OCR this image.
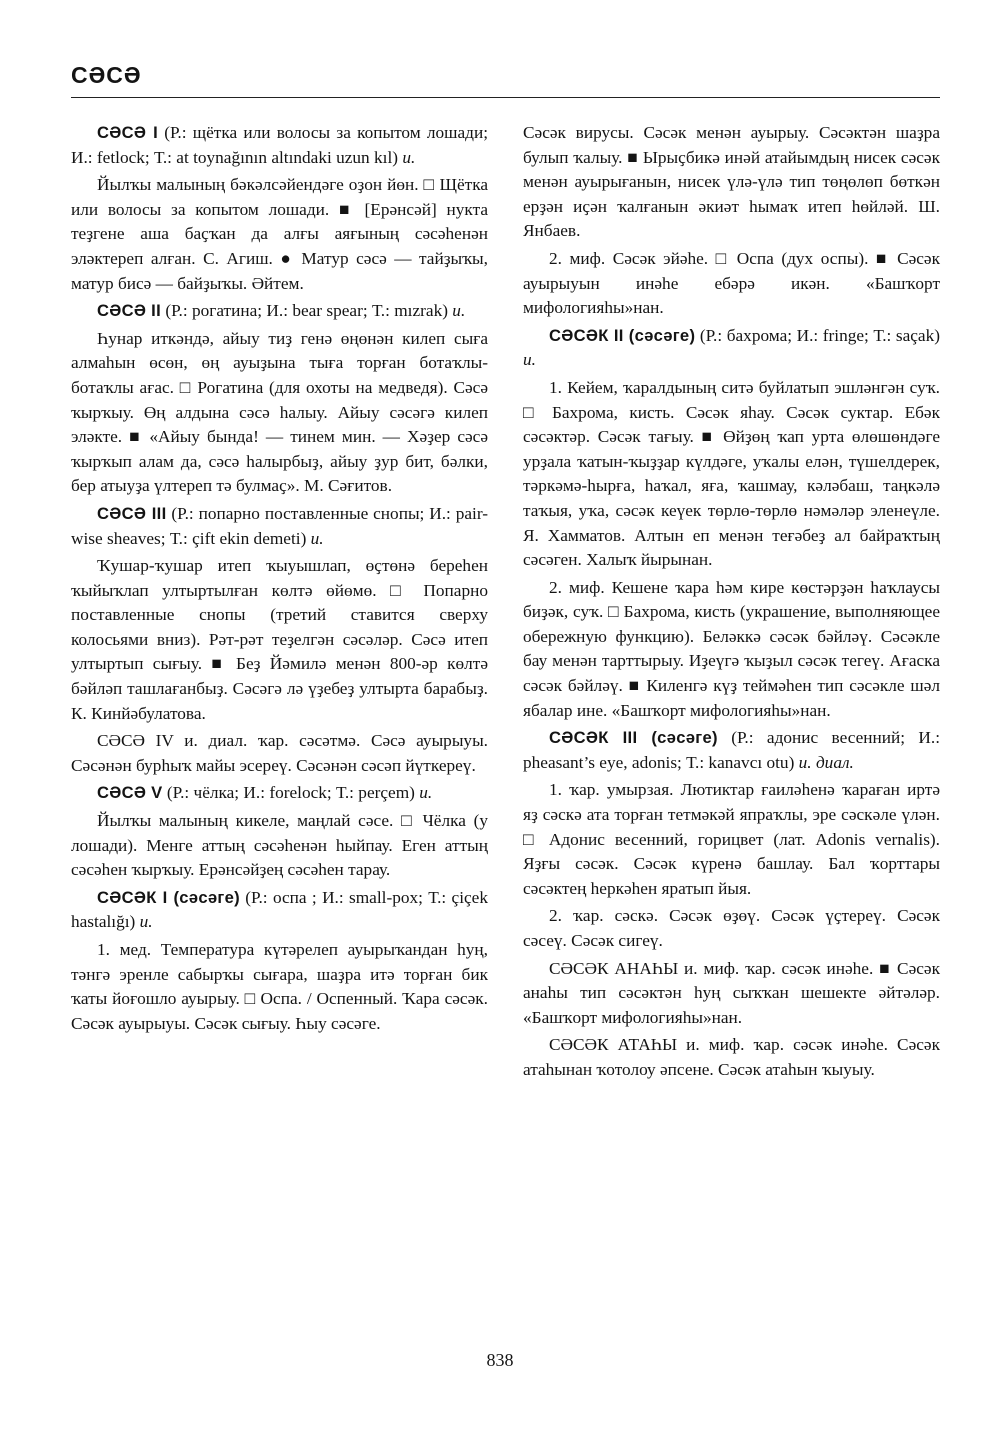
СӘСӘ

СӘСӘ I (Р.: щётка или волосы за копытом лошади; И.: fetlock; Т.: at toynağının altındaki uzun kıl) и.

Йылҡы малының бәкәлсәйендәге оҙон йөн. □ Щётка или волосы за копытом лошади. ■ [Ерәнсәй] нукта теҙгене аша баҫҡан да алғы аяғының сәсәһенән эләктереп алған. С. Агиш. ● Матур сәсә — тайҙыҡы, матур бисә — байҙыҡы. Әйтем.

СӘСӘ II (Р.: рогатина; И.: bear spear; Т.: mızrak) и.

Һунар иткәндә, айыу тиҙ генә өңөнән килеп сыға алмаһын өсөн, өң ауыҙына тыға торған ботаҡлы-ботаҡлы ағас. □ Рогатина (для охоты на медведя). Сәсә ҡырҡыу. Өң алдына сәсә һалыу. Айыу сәсәгә килеп эләкте. ■ «Айыу бында! — тинем мин. — Хәҙер сәсә ҡырҡып алам да, сәсә һалырбыҙ, айыу ҙур бит, бәлки, бер атыуҙа үлтереп тә булмаҫ». М. Сәғитов.

СӘСӘ III (Р.: попарно поставленные снопы; И.: pair-wise sheaves; Т.: çift ekin demeti) и.

Ҡушар-ҡушар итеп ҡыуышлап, өҫтөнә береһен ҡыйыҡлап ултыртылған көлтә өйөмө. □ Попарно поставленные снопы (третий ставится сверху колосьями вниз). Рәт-рәт теҙелгән сәсәләр. Сәсә итеп ултыртып сығыу. ■ Беҙ Йәмилә менән 800-әр көлтә бәйләп ташлағанбыҙ. Сәсәгә лә үҙебеҙ ултырта барабыҙ. К. Кинйәбулатова.

СӘСӘ IV и. диал. ҡар. сәсәтмә. Сәсә ауырыуы. Сәсәнән бурһыҡ майы эсереү. Сәсәнән сәсәп йүткереү.

СӘСӘ V (Р.: чёлка; И.: forelock; Т.: perçem) и.

Йылҡы малының кикеле, маңлай сәсе. □ Чёлка (у лошади). Менге аттың сәсәһенән һыйпау. Еген аттың сәсәһен ҡырҡыу. Ерәнсәйҙең сәсәһен тарау.

СӘСӘК I (сәсәге) (Р.: оспа ; И.: small-pox; Т.: çiçek hastalığı) и.

1. мед. Температура күтәрелеп ауырыҡандан һуң, тәнгә эренле сабырҡы сығара, шаҙра итә торған бик ҡаты йоғошло ауырыу. □ Оспа. / Оспенный. Ҡара сәсәк. Сәсәк ауырыуы. Сәсәк сығыу. Һыу сәсәге.

Сәсәк вирусы. Сәсәк менән ауырыу. Сәсәктән шаҙра булып ҡалыу. ■ Ырыҫбикә инәй атайымдың нисек сәсәк менән ауырығанын, нисек үлә-үлә тип төңөлөп бөткән ерҙән иҫән ҡалғанын әкиәт һымаҡ итеп һөйләй. Ш. Янбаев.

2. миф. Сәсәк эйәһе. □ Оспа (дух оспы). ■ Сәсәк ауырыуын инәһе ебәрә икән. «Башҡорт мифологияһы»нан.

СӘСӘК II (сәсәге) (Р.: бахрома; И.: fringe; Т.: saçak) и.

1. Кейем, ҡаралдының ситә буйлатып эшләнгән суҡ. □ Бахрома, кисть. Сәсәк яһау. Сәсәк суктар. Ебәк сәсәктәр. Сәсәк тағыу. ■ Өйҙөң ҡап урта өлөшөндәге урҙала ҡатын-ҡыҙҙар күлдәге, уҡалы елән, түшелдерек, тәркәмә-һырға, һаҡал, яға, ҡашмау, кәләбаш, таңкәлә таҡыя, уҡа, сәсәк кеүек төрлө-төрлө нәмәләр эленеүле. Я. Хамматов. Алтын еп менән теғәбеҙ ал байраҡтың сәсәген. Халыҡ йырынан.

2. миф. Кешене ҡара һәм кире көстәрҙән һаҡлаусы биҙәк, суҡ. □ Бахрома, кисть (украшение, выполняющее обережную функцию). Беләккә сәсәк бәйләү. Сәсәкле бау менән тарттырыу. Иҙеүгә ҡыҙыл сәсәк тегеү. Ағаска сәсәк бәйләү. ■ Киленгә күҙ теймәһен тип сәсәкле шәл ябалар ине. «Башҡорт мифологияһы»нан.

СӘСӘК III (сәсәге) (Р.: адонис весенний; И.: pheasant’s eye, adonis; Т.: kanavcı otu) и. диал.

1. ҡар. умырзая. Лютиктар ғаиләһенә ҡараған иртә яҙ сәскә ата торған тетмәкәй япраҡлы, эре сәскәле үлән. □ Адонис весенний, горицвет (лат. Adonis vernalis). Яҙғы сәсәк. Сәсәк күренә башлау. Бал ҡорттары сәсәктең һеркәһен яратып йыя.

2. ҡар. сәскә. Сәсәк өҙөү. Сәсәк үҫтереү. Сәсәк сәсеү. Сәсәк сигеү.

СӘСӘК АНАҺЫ и. миф. ҡар. сәсәк инәһе. ■ Сәсәк анаһы тип сәсәктән һуң сыҡҡан шешекте әйтәләр. «Башҡорт мифологияһы»нан.

СӘСӘК АТАҺЫ и. миф. ҡар. сәсәк инәһе. Сәсәк атаһынан ҡотолоу әпсене. Сәсәк атаһын ҡыуыу.

838
